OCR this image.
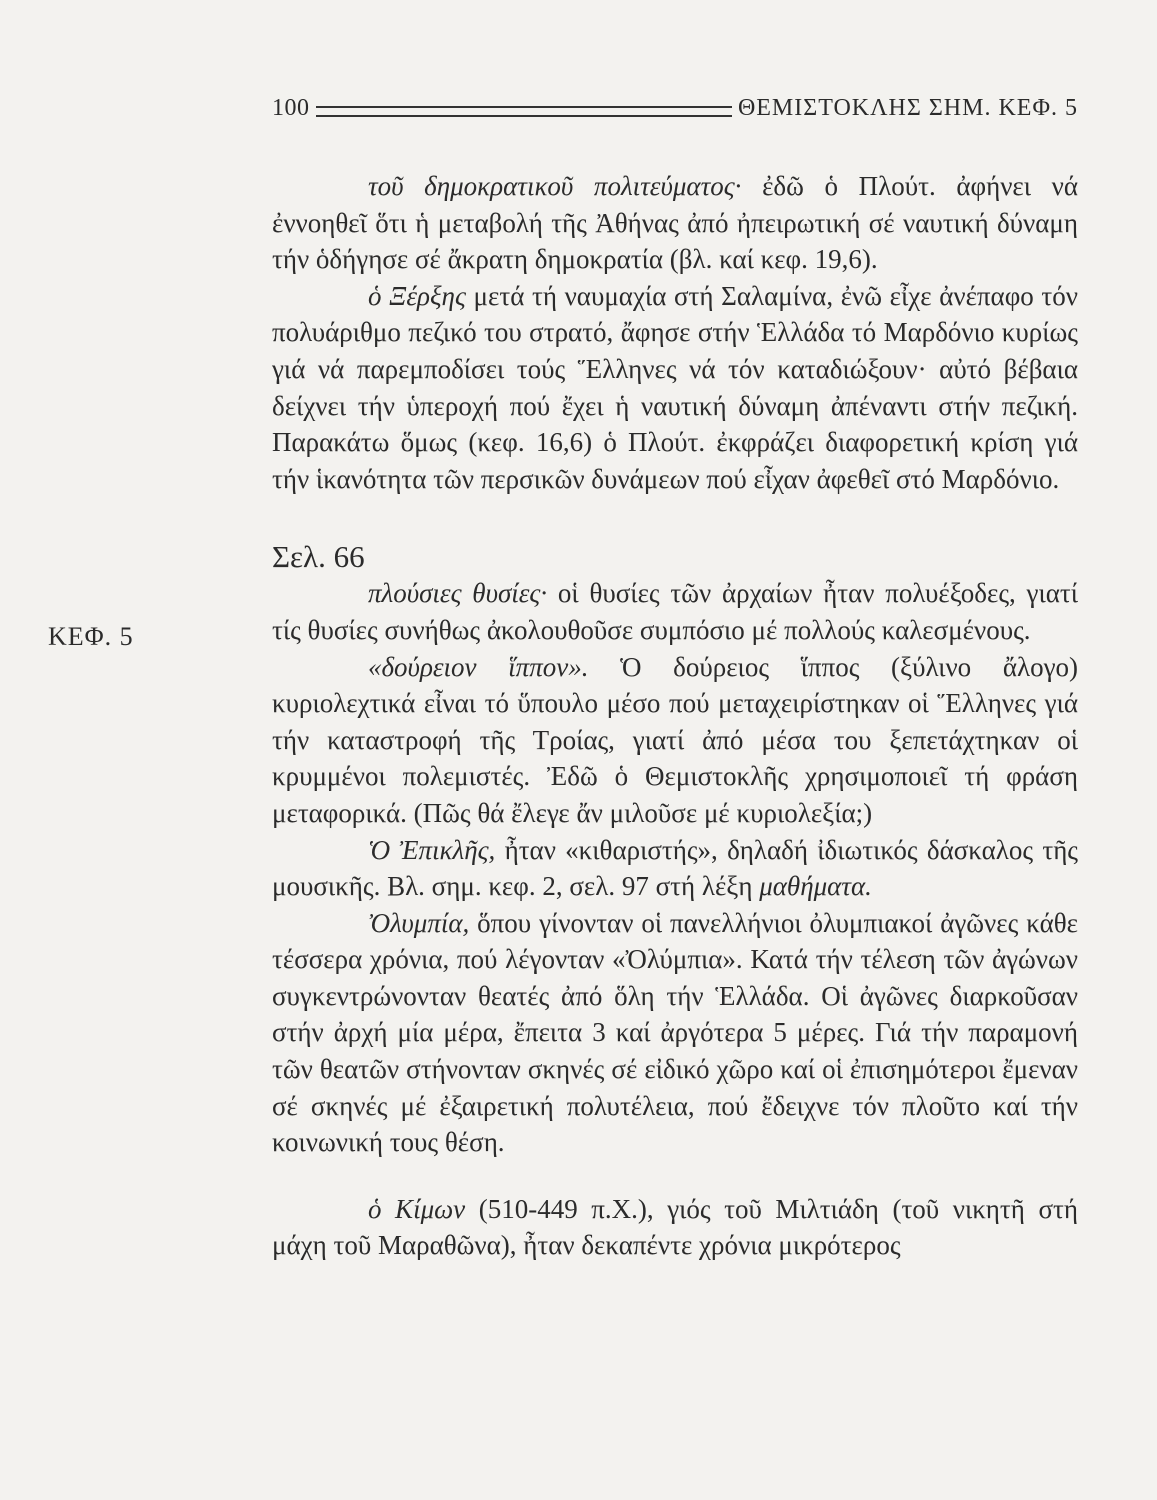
100	ΘΕΜΙΣΤΟΚΛΗΣ ΣΗΜ. ΚΕΦ. 5
ΚΕΦ. 5

τοῦ δημοκρατικοῦ πολιτεύματος· ἐδῶ ὁ Πλούτ. ἀφήνει νά ἐννοηθεῖ ὅτι ἡ μεταβολή τῆς Ἀθήνας ἀπό ἠπειρωτική σέ ναυτική δύναμη τήν ὁδήγησε σέ ἄκρατη δημοκρατία (βλ. καί κεφ. 19,6).

ὁ Ξέρξης μετά τή ναυμαχία στή Σαλαμίνα, ἐνῶ εἶχε ἀνέπαφο τόν πολυάριθμο πεζικό του στρατό, ἄφησε στήν Ἑλλάδα τό Μαρδόνιο κυρίως γιά νά παρεμποδίσει τούς Ἕλληνες νά τόν καταδιώξουν· αὐτό βέβαια δείχνει τήν ὑπεροχή πού ἔχει ἡ ναυτική δύναμη ἀπέναντι στήν πεζική. Παρακάτω ὅμως (κεφ. 16,6) ὁ Πλούτ. ἐκφράζει διαφορετική κρίση γιά τήν ἱκανότητα τῶν περσικῶν δυνάμεων πού εἶχαν ἀφεθεῖ στό Μαρδόνιο.

Σελ. 66

πλούσιες θυσίες· οἱ θυσίες τῶν ἀρχαίων ἦταν πολυέξοδες, γιατί τίς θυσίες συνήθως ἀκολουθοῦσε συμπόσιο μέ πολλούς καλεσμένους.

«δούρειον ἵππον». Ὁ δούρειος ἵππος (ξύλινο ἄλογο) κυριολεχτικά εἶναι τό ὕπουλο μέσο πού μεταχειρίστηκαν οἱ Ἕλληνες γιά τήν καταστροφή τῆς Τροίας, γιατί ἀπό μέσα του ξεπετάχτηκαν οἱ κρυμμένοι πολεμιστές. Ἐδῶ ὁ Θεμιστοκλῆς χρησιμοποιεῖ τή φράση μεταφορικά. (Πῶς θά ἔλεγε ἄν μιλοῦσε μέ κυριολεξία;)

Ὁ Ἐπικλῆς, ἦταν «κιθαριστής», δηλαδή ἰδιωτικός δάσκαλος τῆς μουσικῆς. Βλ. σημ. κεφ. 2, σελ. 97 στή λέξη μαθήματα.

Ὀλυμπία, ὅπου γίνονταν οἱ πανελλήνιοι ὀλυμπιακοί ἀγῶνες κάθε τέσσερα χρόνια, πού λέγονταν «Ὀλύμπια». Κατά τήν τέλεση τῶν ἀγώνων συγκεντρώνονταν θεατές ἀπό ὅλη τήν Ἑλλάδα. Οἱ ἀγῶνες διαρκοῦσαν στήν ἀρχή μία μέρα, ἔπειτα 3 καί ἀργότερα 5 μέρες. Γιά τήν παραμονή τῶν θεατῶν στήνονταν σκηνές σέ εἰδικό χῶρο καί οἱ ἐπισημότεροι ἔμεναν σέ σκηνές μέ ἐξαιρετική πολυτέλεια, πού ἔδειχνε τόν πλοῦτο καί τήν κοινωνική τους θέση.

ὁ Κίμων (510-449 π.Χ.), γιός τοῦ Μιλτιάδη (τοῦ νικητῆ στή μάχη τοῦ Μαραθῶνα), ἦταν δεκαπέντε χρόνια μικρότερος
